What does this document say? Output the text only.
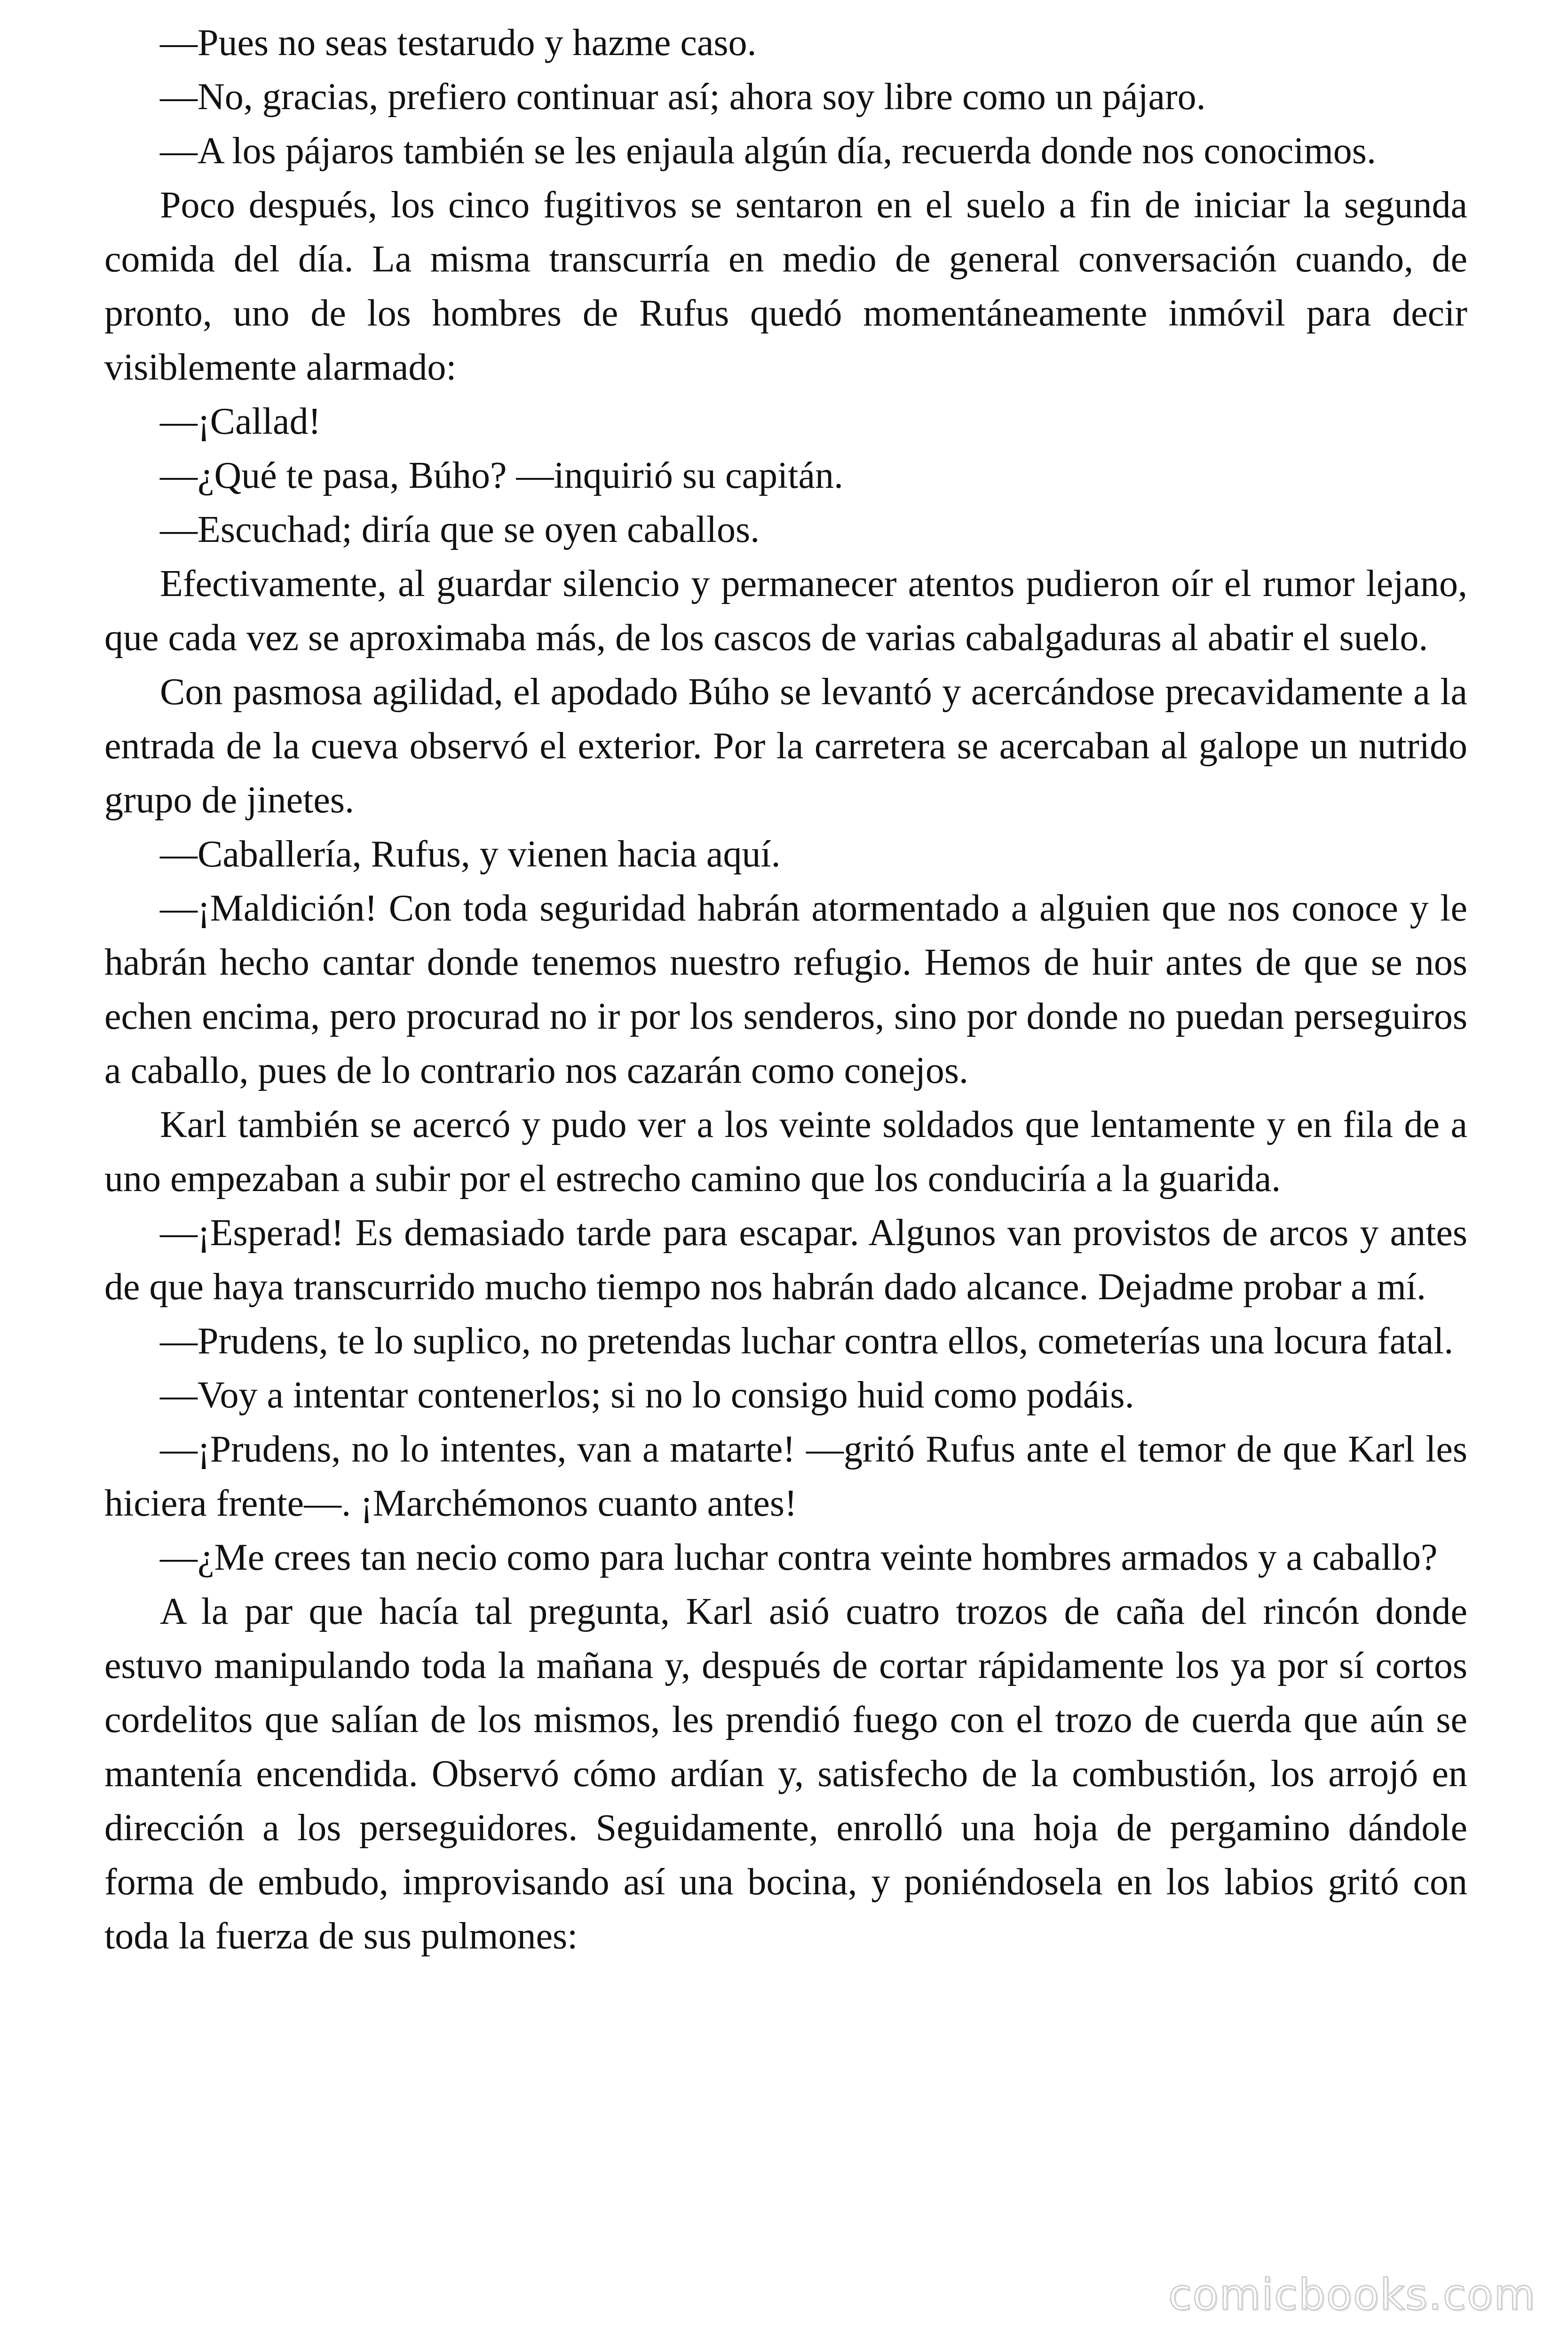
—Pues no seas testarudo y hazme caso.

—No, gracias, prefiero continuar así; ahora soy libre como un pájaro.

—A los pájaros también se les enjaula algún día, recuerda donde nos conocimos.

Poco después, los cinco fugitivos se sentaron en el suelo a fin de iniciar la segunda comida del día. La misma transcurría en medio de general conversación cuando, de pronto, uno de los hombres de Rufus quedó momentáneamente inmóvil para decir visiblemente alarmado:

—¡Callad!

—¿Qué te pasa, Búho? —inquirió su capitán.

—Escuchad; diría que se oyen caballos.

Efectivamente, al guardar silencio y permanecer atentos pudieron oír el rumor lejano, que cada vez se aproximaba más, de los cascos de varias cabalgaduras al abatir el suelo.

Con pasmosa agilidad, el apodado Búho se levantó y acercándose precavidamente a la entrada de la cueva observó el exterior. Por la carretera se acercaban al galope un nutrido grupo de jinetes.

—Caballería, Rufus, y vienen hacia aquí.

—¡Maldición! Con toda seguridad habrán atormentado a alguien que nos conoce y le habrán hecho cantar donde tenemos nuestro refugio. Hemos de huir antes de que se nos echen encima, pero procurad no ir por los senderos, sino por donde no puedan perseguiros a caballo, pues de lo contrario nos cazarán como conejos.

Karl también se acercó y pudo ver a los veinte soldados que lentamente y en fila de a uno empezaban a subir por el estrecho camino que los conduciría a la guarida.

—¡Esperad! Es demasiado tarde para escapar. Algunos van provistos de arcos y antes de que haya transcurrido mucho tiempo nos habrán dado alcance. Dejadme probar a mí.

—Prudens, te lo suplico, no pretendas luchar contra ellos, cometerías una locura fatal.

—Voy a intentar contenerlos; si no lo consigo huid como podáis.

—¡Prudens, no lo intentes, van a matarte! —gritó Rufus ante el temor de que Karl les hiciera frente—. ¡Marchémonos cuanto antes!

—¿Me crees tan necio como para luchar contra veinte hombres armados y a caballo?

A la par que hacía tal pregunta, Karl asió cuatro trozos de caña del rincón donde estuvo manipulando toda la mañana y, después de cortar rápidamente los ya por sí cortos cordelitos que salían de los mismos, les prendió fuego con el trozo de cuerda que aún se mantenía encendida. Observó cómo ardían y, satisfecho de la combustión, los arrojó en dirección a los perseguidores. Seguidamente, enrolló una hoja de pergamino dándole forma de embudo, improvisando así una bocina, y poniéndosela en los labios gritó con toda la fuerza de sus pulmones:

comicbooks.com
